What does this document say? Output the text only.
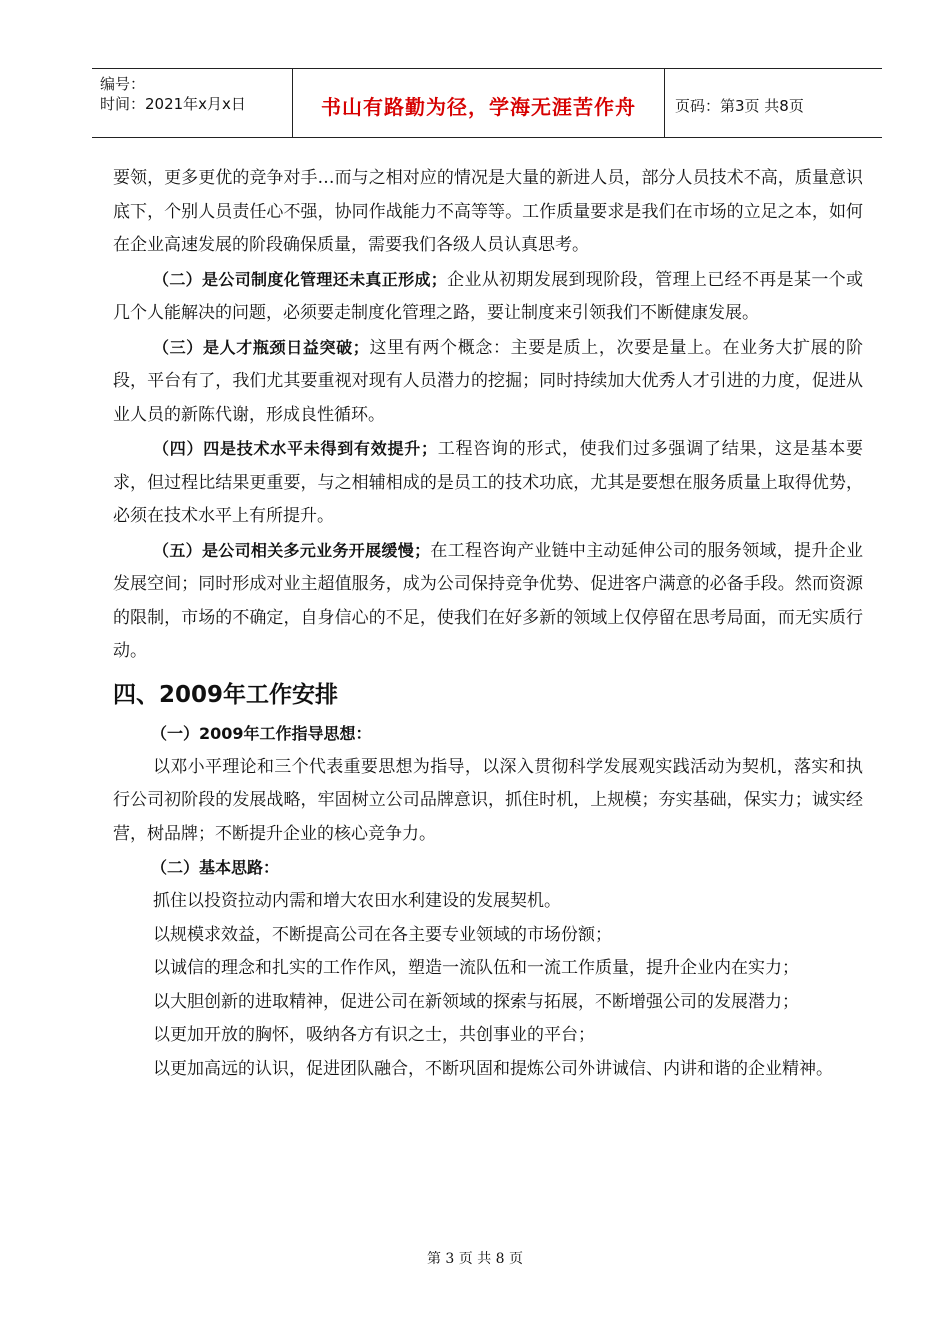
编号：
时间：2021年x月x日	书山有路勤为径，学海无涯苦作舟	页码：第3页 共8页

要领，更多更优的竞争对手…而与之相对应的情况是大量的新进人员，部分人员技术不高，质量意识底下，个别人员责任心不强，协同作战能力不高等等。工作质量要求是我们在市场的立足之本，如何在企业高速发展的阶段确保质量，需要我们各级人员认真思考。

（二）是公司制度化管理还未真正形成；企业从初期发展到现阶段，管理上已经不再是某一个或几个人能解决的问题，必须要走制度化管理之路，要让制度来引领我们不断健康发展。

（三）是人才瓶颈日益突破；这里有两个概念：主要是质上，次要是量上。在业务大扩展的阶段，平台有了，我们尤其要重视对现有人员潜力的挖掘；同时持续加大优秀人才引进的力度，促进从业人员的新陈代谢，形成良性循环。

（四）四是技术水平未得到有效提升；工程咨询的形式，使我们过多强调了结果，这是基本要求，但过程比结果更重要，与之相辅相成的是员工的技术功底，尤其是要想在服务质量上取得优势，必须在技术水平上有所提升。

（五）是公司相关多元业务开展缓慢；在工程咨询产业链中主动延伸公司的服务领域，提升企业发展空间；同时形成对业主超值服务，成为公司保持竞争优势、促进客户满意的必备手段。然而资源的限制，市场的不确定，自身信心的不足，使我们在好多新的领域上仅停留在思考局面，而无实质行动。

四、2009年工作安排
（一）2009年工作指导思想：

以邓小平理论和三个代表重要思想为指导，以深入贯彻科学发展观实践活动为契机，落实和执行公司初阶段的发展战略，牢固树立公司品牌意识，抓住时机，上规模；夯实基础，保实力；诚实经营，树品牌；不断提升企业的核心竞争力。

（二）基本思路：

抓住以投资拉动内需和增大农田水利建设的发展契机。

以规模求效益，不断提高公司在各主要专业领域的市场份额；

以诚信的理念和扎实的工作作风，塑造一流队伍和一流工作质量，提升企业内在实力；

以大胆创新的进取精神，促进公司在新领域的探索与拓展，不断增强公司的发展潜力；

以更加开放的胸怀，吸纳各方有识之士，共创事业的平台；

以更加高远的认识，促进团队融合，不断巩固和提炼公司外讲诚信、内讲和谐的企业精神。

第 3 页 共 8 页
